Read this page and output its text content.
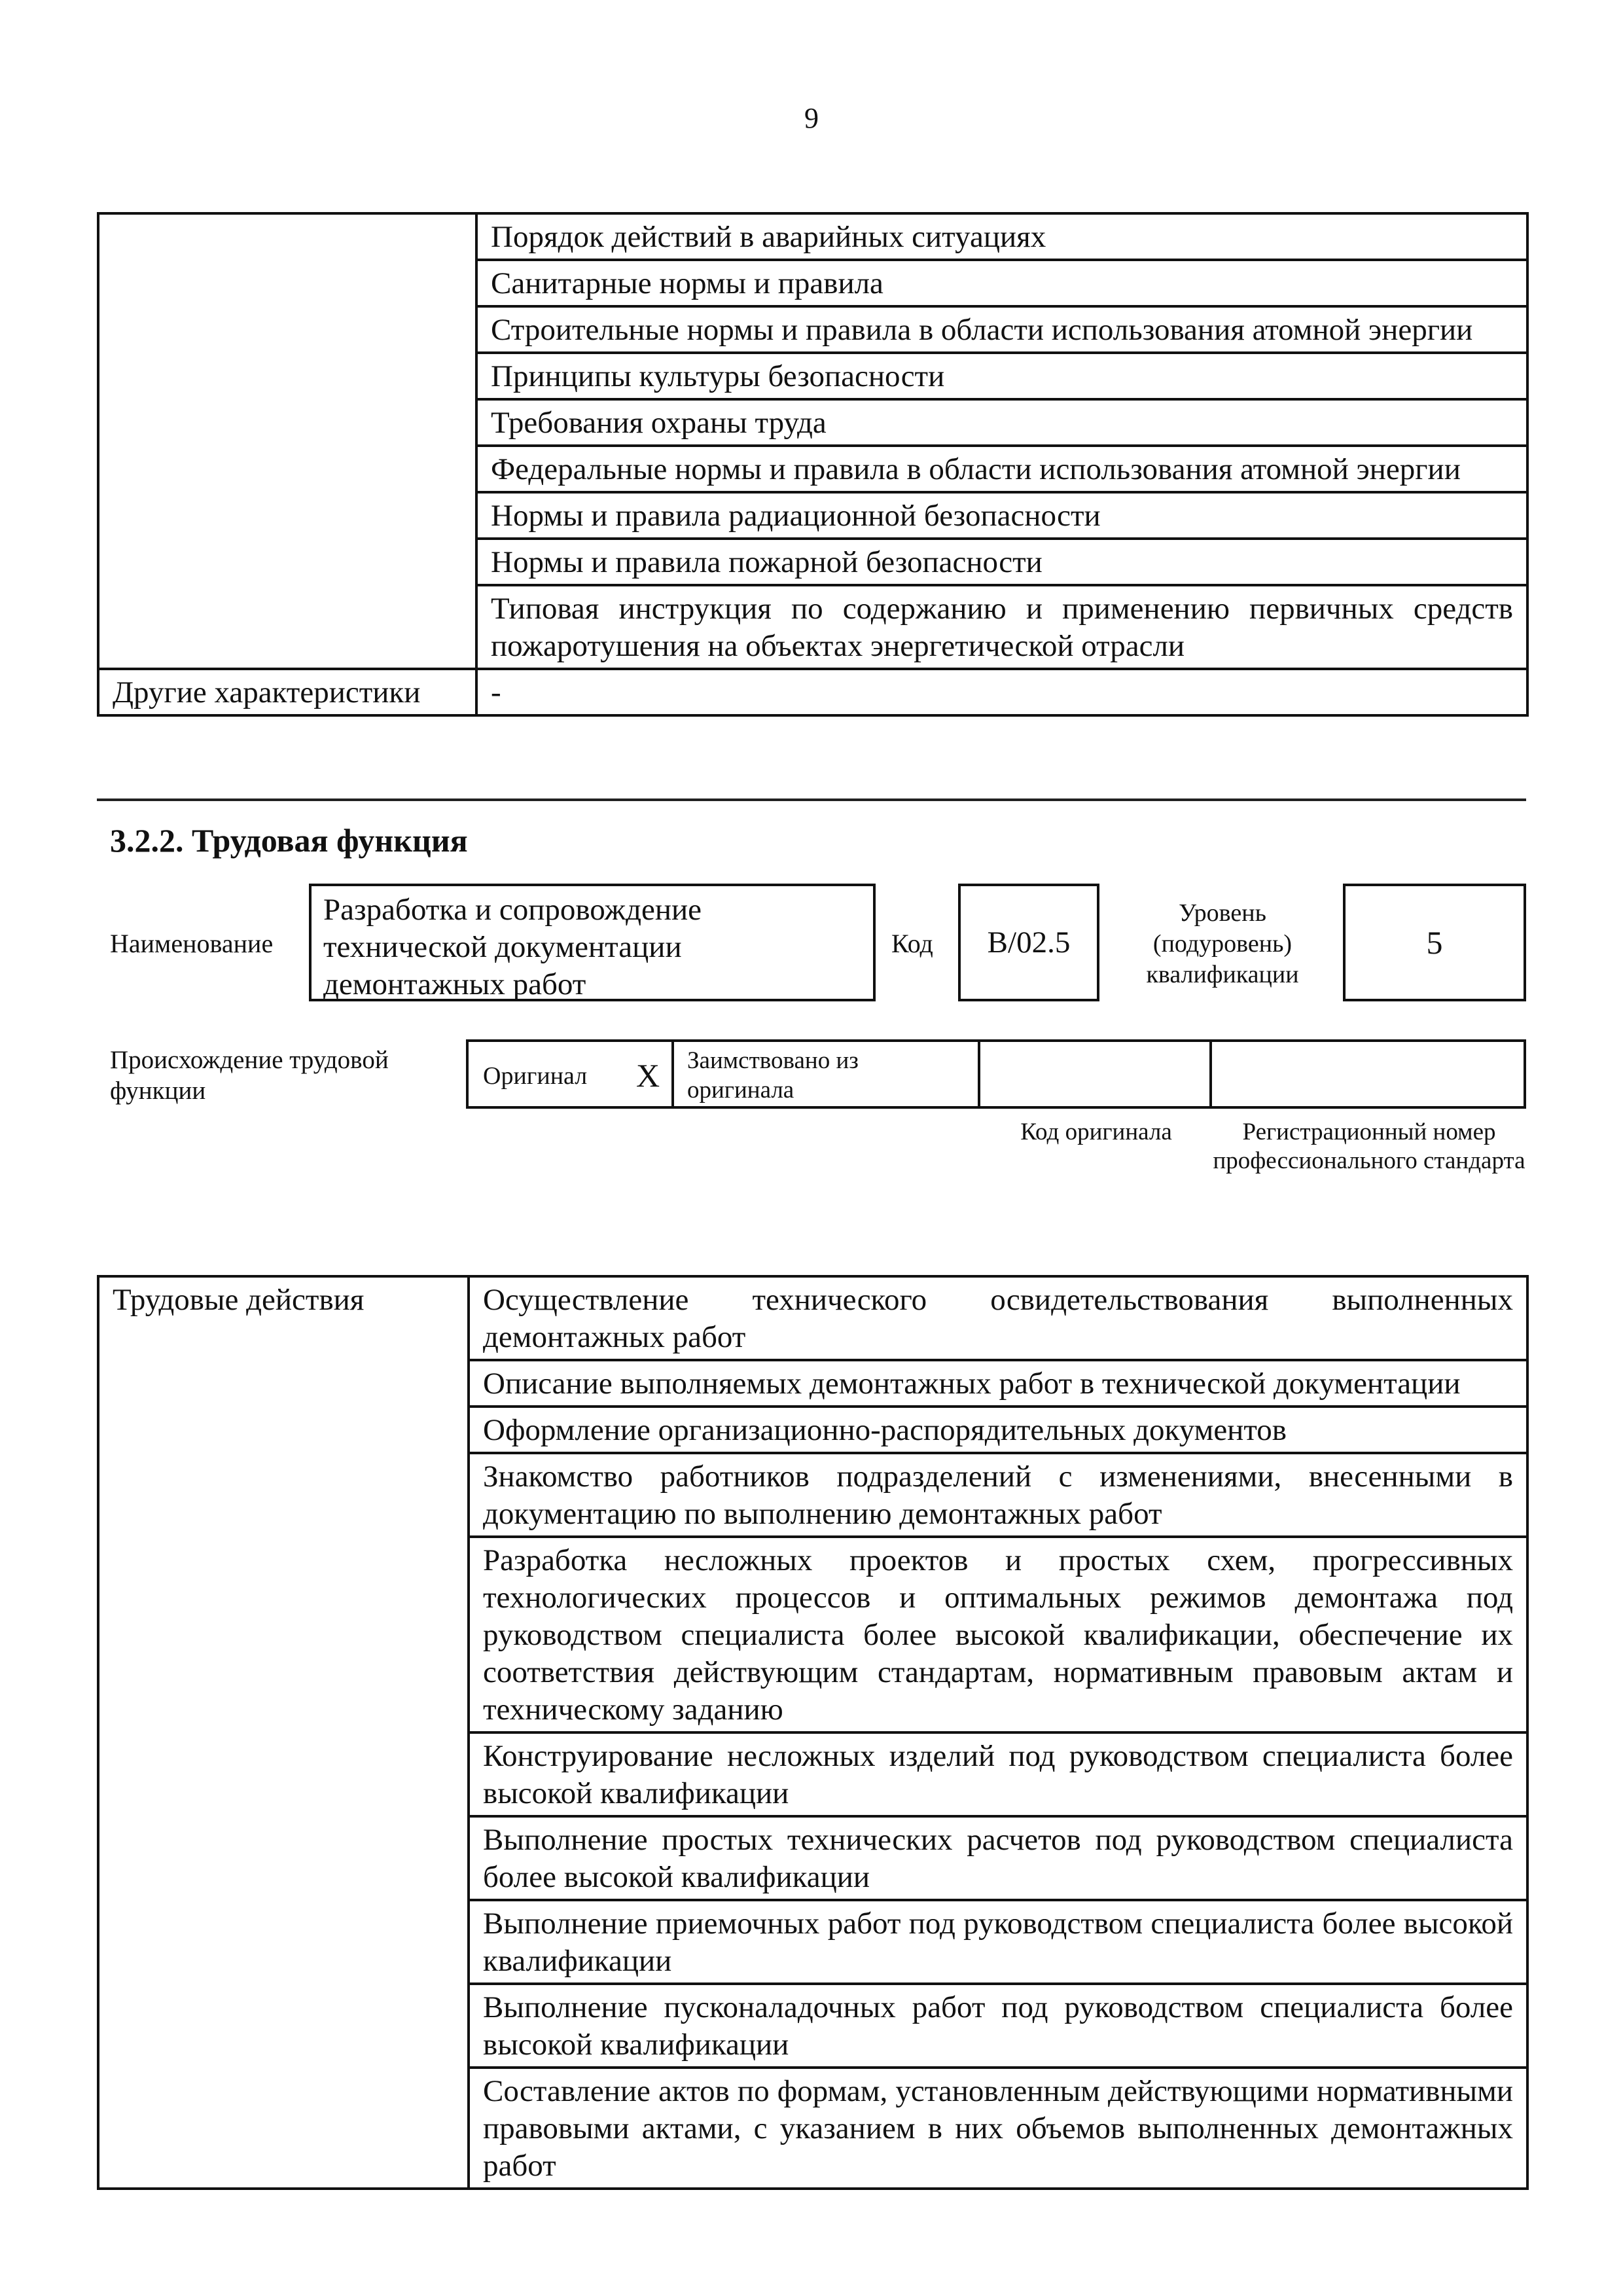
9
	Порядок действий в аварийных ситуациях
	Санитарные нормы и правила
	Строительные нормы и правила в области использования атомной энергии
	Принципы культуры безопасности
	Требования охраны труда
	Федеральные нормы и правила в области использования атомной энергии
	Нормы и правила радиационной безопасности
	Нормы и правила пожарной безопасности
	Типовая инструкция по содержанию и применению первичных средств пожаротушения на объектах энергетической отрасли
Другие характеристики	-
3.2.2. Трудовая функция
Наименование
Разработка и сопровождение технической документации демонтажных работ
Код	B/02.5
Уровень (подуровень) квалификации
5
Происхождение трудовой функции
Оригинал X	Заимствовано из оригинала
Код оригинала	Регистрационный номер профессионального стандарта
Трудовые действия	Осуществление технического освидетельствования выполненных демонтажных работ
Описание выполняемых демонтажных работ в технической документации
Оформление организационно-распорядительных документов
Знакомство работников подразделений с изменениями, внесенными в документацию по выполнению демонтажных работ
Разработка несложных проектов и простых схем, прогрессивных технологических процессов и оптимальных режимов демонтажа под руководством специалиста более высокой квалификации, обеспечение их соответствия действующим стандартам, нормативным правовым актам и техническому заданию
Конструирование несложных изделий под руководством специалиста более высокой квалификации
Выполнение простых технических расчетов под руководством специалиста более высокой квалификации
Выполнение приемочных работ под руководством специалиста более высокой квалификации
Выполнение пусконаладочных работ под руководством специалиста более высокой квалификации
Составление актов по формам, установленным действующими нормативными правовыми актами, с указанием в них объемов выполненных демонтажных работ
